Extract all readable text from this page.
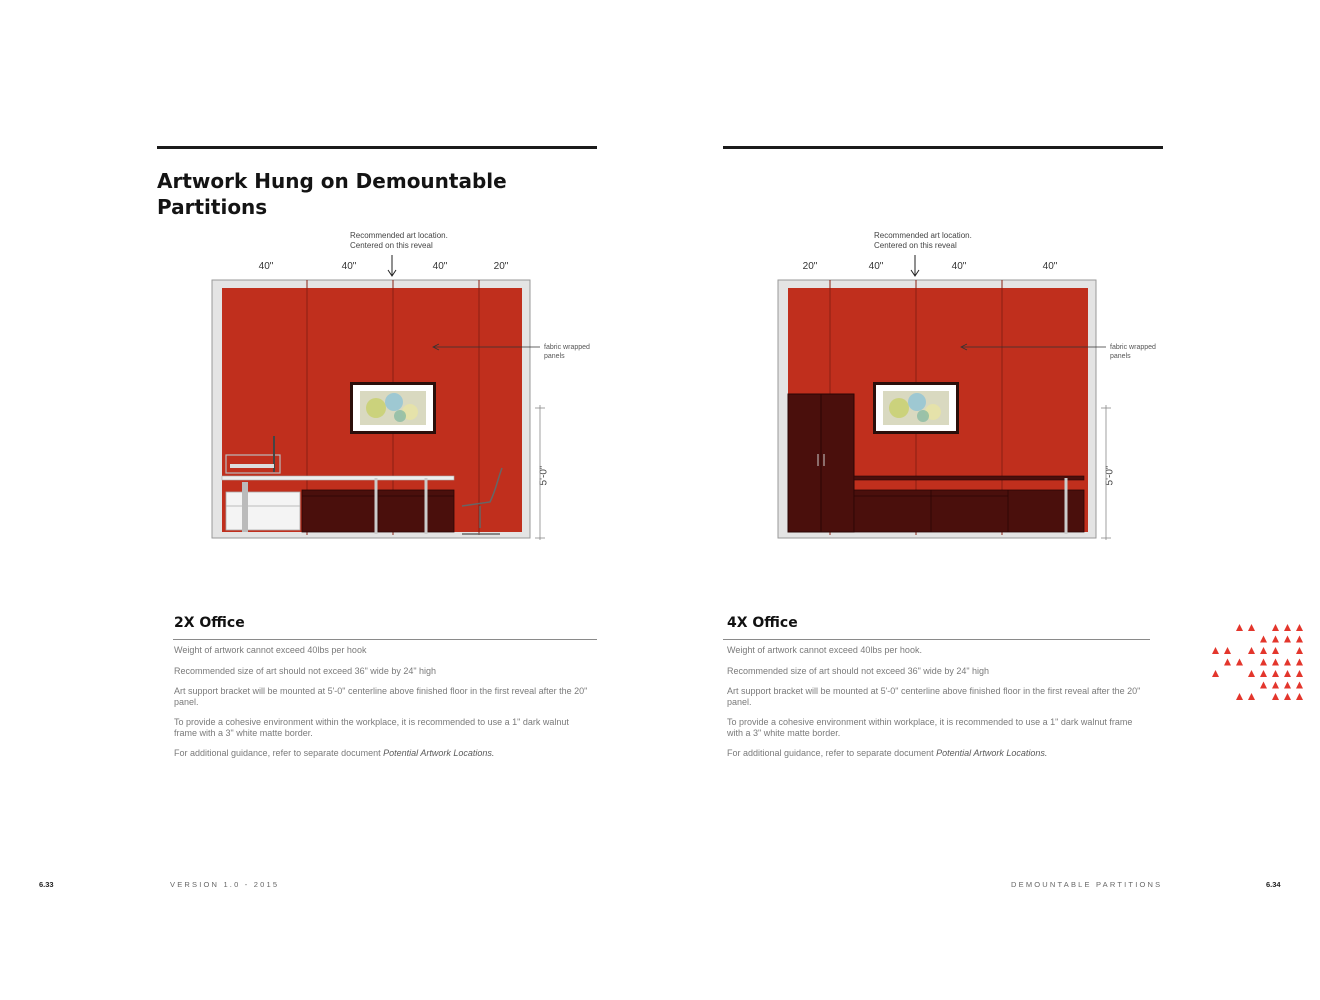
Artwork Hung on Demountable Partitions
Recommended art location.
Centered on this reveal
40"	40"	40"	20"
fabric wrapped
panels
5'-0"
2X Office

Weight of artwork cannot exceed 40lbs per hook

Recommended size of art should not exceed 36" wide by 24" high

Art support bracket will be mounted at 5'-0" centerline above finished floor in the first reveal after the 20" panel.

To provide a cohesive environment within the workplace, it is recommended to use a 1" dark walnut frame with a 3" white matte border.

For additional guidance, refer to separate document Potential Artwork Locations.

6.33	VERSION 1.0 - 2015
Recommended art location.
Centered on this reveal
20"	40"	40"	40"
fabric wrapped
panels
5'-0"
4X Office

Weight of artwork cannot exceed 40lbs per hook.

Recommended size of art should not exceed 36" wide by 24" high

Art support bracket will be mounted at 5'-0" centerline above finished floor in the first reveal after the 20" panel.

To provide a cohesive environment within workplace, it is recommended to use a 1" dark walnut frame with a 3" white matte border.

For additional guidance, refer to separate document Potential Artwork Locations.

DEMOUNTABLE PARTITIONS	6.34
